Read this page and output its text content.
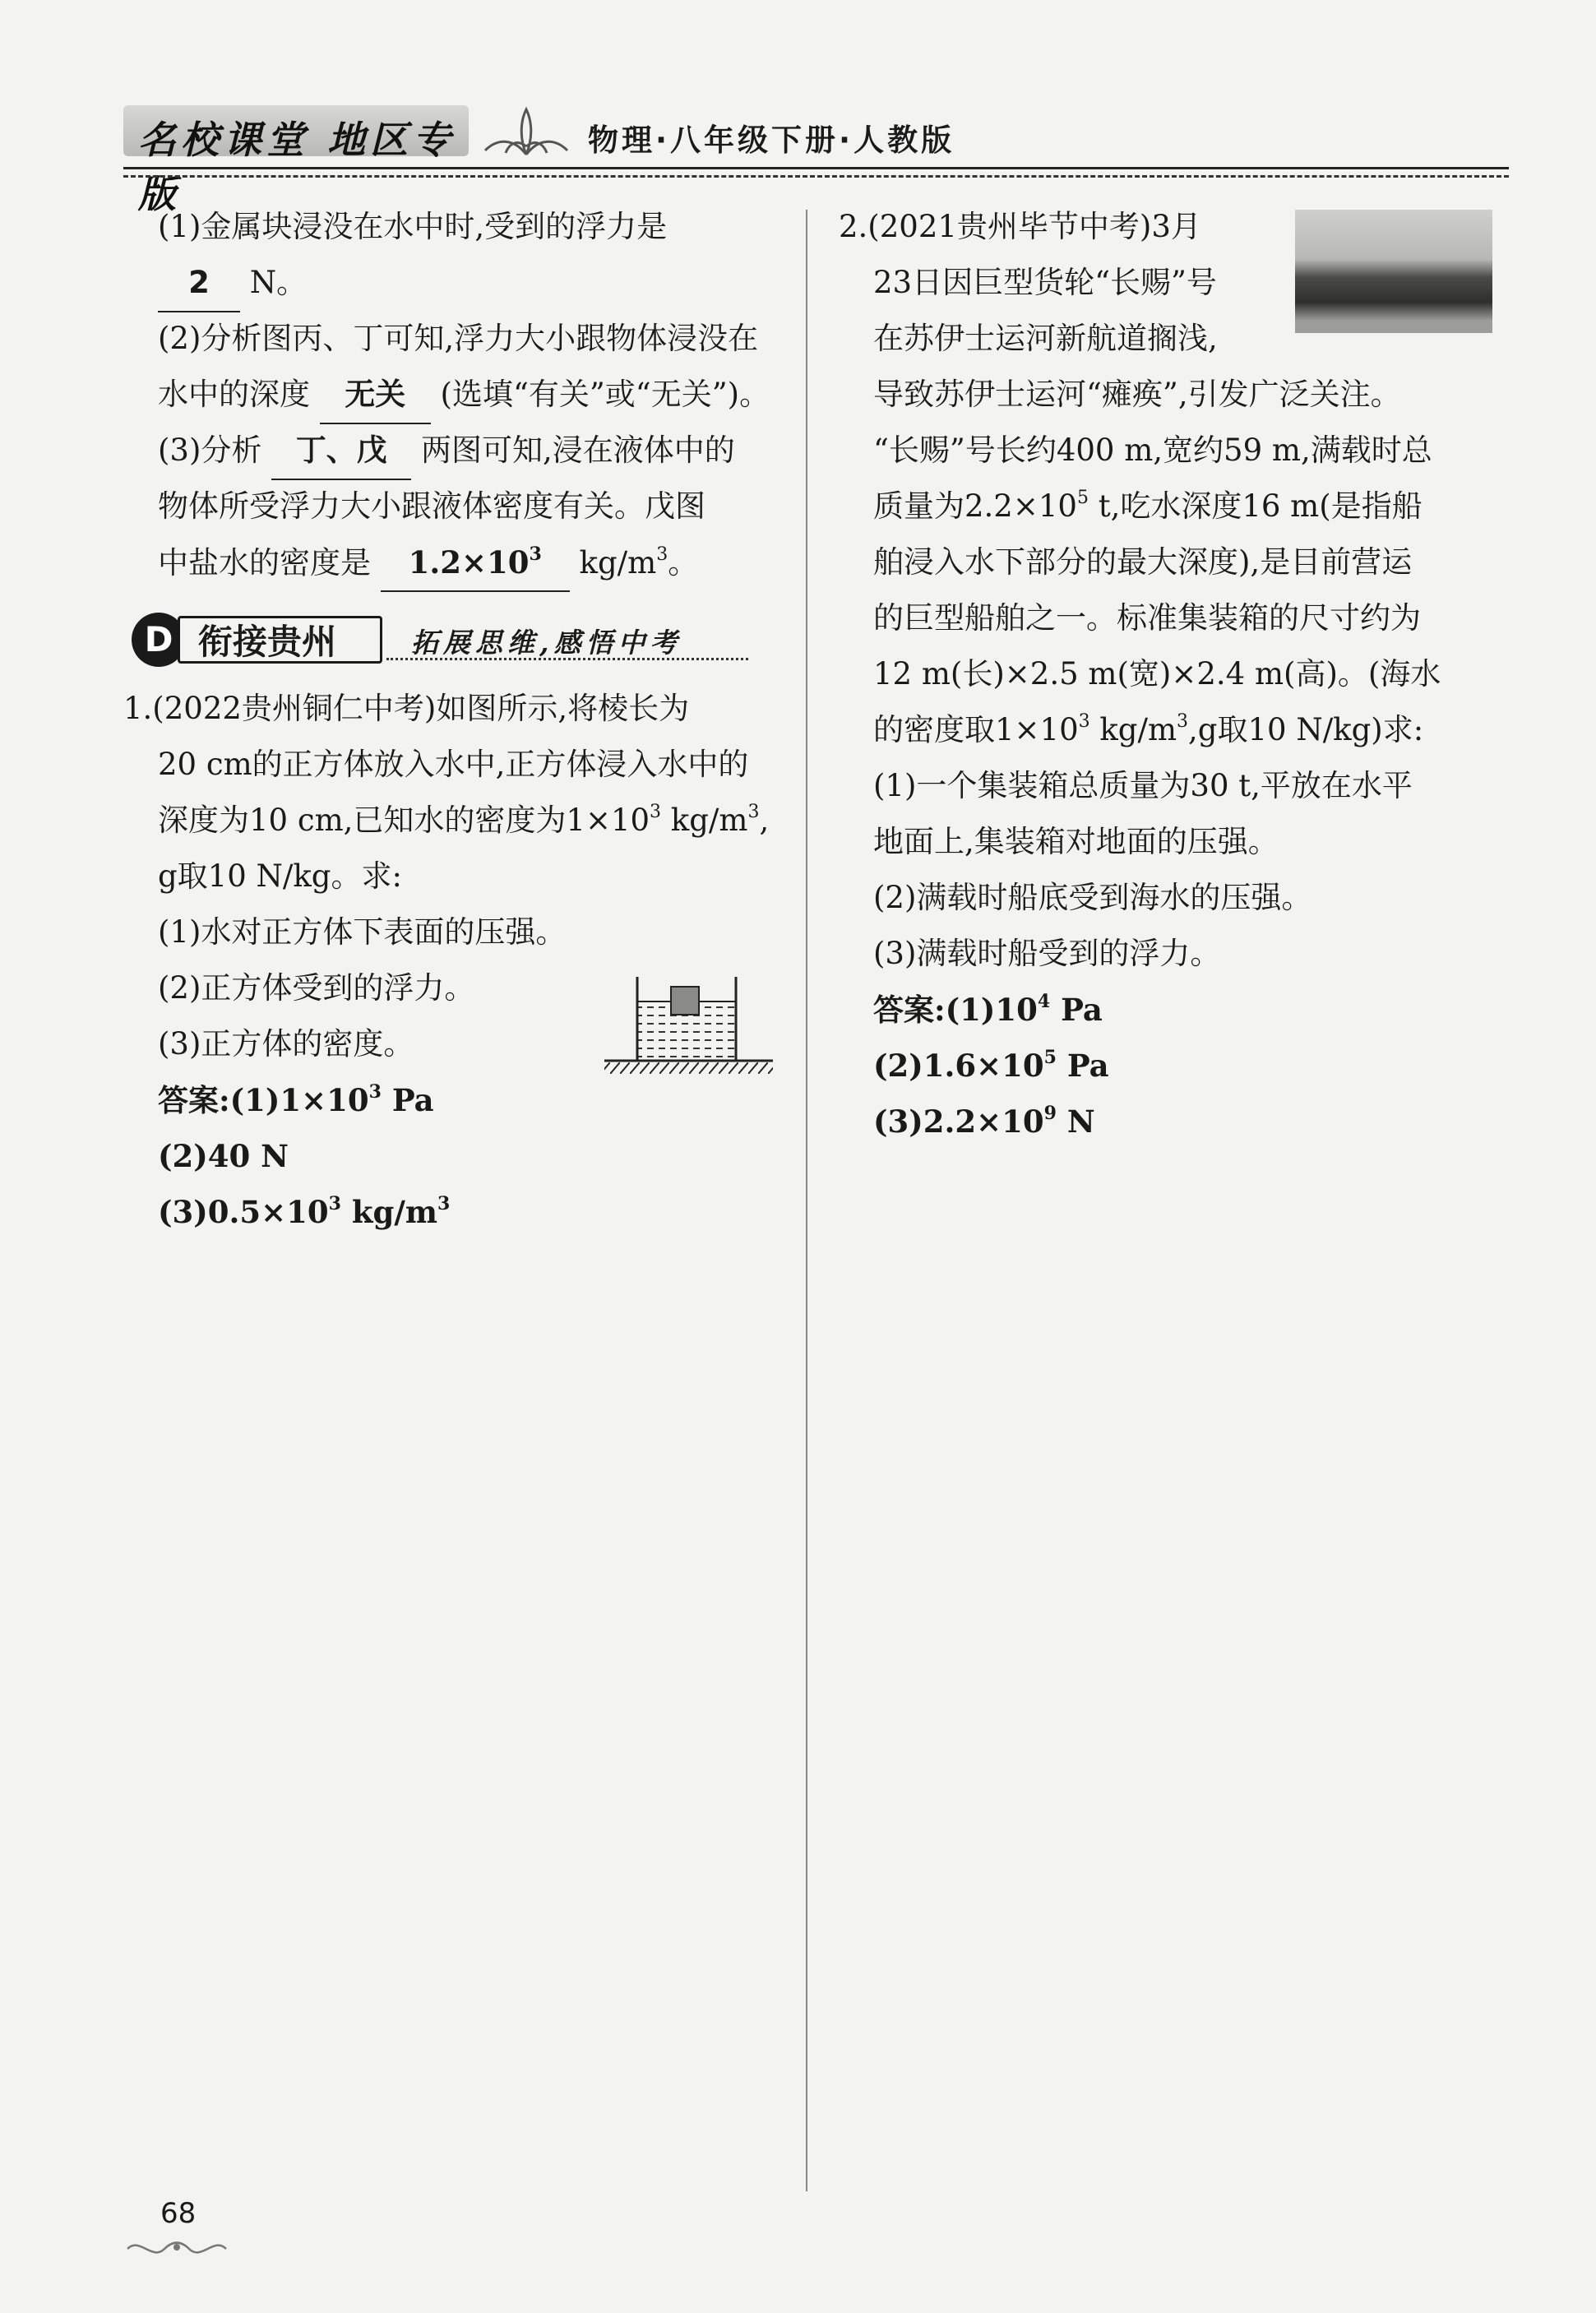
名校课堂 地区专版
物理·八年级下册·人教版
(1)金属块浸没在水中时,受到的浮力是
2 N。
(2)分析图丙、丁可知,浮力大小跟物体浸没在
水中的深度 无关 (选填“有关”或“无关”)。
(3)分析 丁、戊 两图可知,浸在液体中的
物体所受浮力大小跟液体密度有关。戊图
中盐水的密度是 $1.2\times 10^3$ $kg/m^3$。
D 衔接贵州	拓展思维,感悟中考
1.(2022贵州铜仁中考)如图所示,将棱长为
20 cm的正方体放入水中,正方体浸入水中的
深度为10 cm,已知水的密度为$1\times 10^3$ $kg/m^3$,
g取10 N/kg。求:
(1)水对正方体下表面的压强。
(2)正方体受到的浮力。
(3)正方体的密度。
答案$:(1)1\times 10^3$ Pa
(2)40 N
$(3)0.5\times 10^3$ $kg/m^3$
2.(2021贵州毕节中考)3月
23日因巨型货轮“长赐”号
在苏伊士运河新航道搁浅,
导致苏伊士运河“瘫痪”,引发广泛关注。
“长赐”号长约400 m,宽约59 m,满载时总
质量为$2.2\times 10^5$ t,吃水深度16 m(是指船
舶浸入水下部分的最大深度),是目前营运
的巨型船舶之一。标准集装箱的尺寸约为
12 m(长)×2.5 m(宽)×2.4 m(高)。(海水
的密度取$1\times 10^3$ $kg/m^3,g$取10 N/kg)求:
(1)一个集装箱总质量为30 t,平放在水平
地面上,集装箱对地面的压强。
(2)满载时船底受到海水的压强。
(3)满载时船受到的浮力。
答案$:(1)10^4$ Pa
$(2)1.6\times 10^5$ Pa
$(3)2.2\times 10^9$ N
68
